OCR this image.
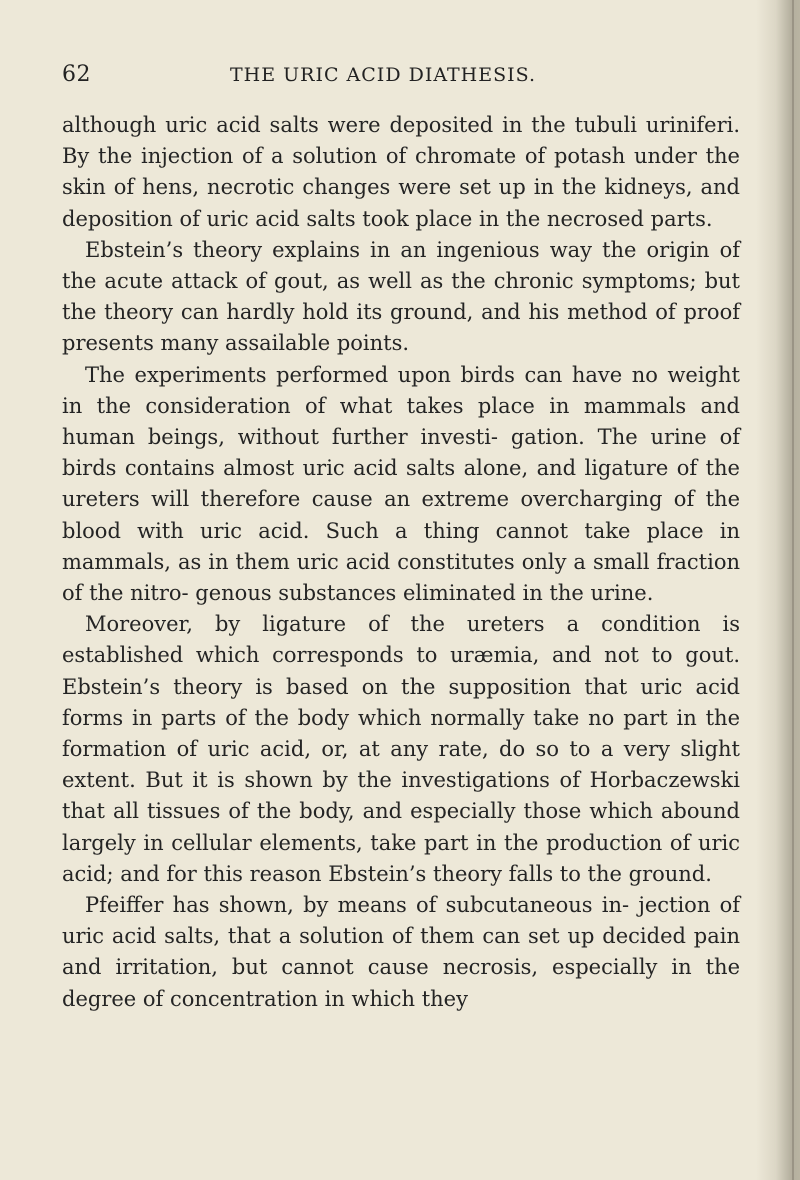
62	THE URIC ACID DIATHESIS.

although uric acid salts were deposited in the tubuli uriniferi. By the injection of a solution of chromate of potash under the skin of hens, necrotic changes were set up in the kidneys, and deposition of uric acid salts took place in the necrosed parts.

Ebstein’s theory explains in an ingenious way the origin of the acute attack of gout, as well as the chronic symptoms; but the theory can hardly hold its ground, and his method of proof presents many assailable points.

The experiments performed upon birds can have no weight in the consideration of what takes place in mammals and human beings, without further investi- gation. The urine of birds contains almost uric acid salts alone, and ligature of the ureters will therefore cause an extreme overcharging of the blood with uric acid. Such a thing cannot take place in mammals, as in them uric acid constitutes only a small fraction of the nitro- genous substances eliminated in the urine.

Moreover, by ligature of the ureters a condition is established which corresponds to uræmia, and not to gout. Ebstein’s theory is based on the supposition that uric acid forms in parts of the body which normally take no part in the formation of uric acid, or, at any rate, do so to a very slight extent. But it is shown by the investigations of Horbaczewski that all tissues of the body, and especially those which abound largely in cellular elements, take part in the production of uric acid; and for this reason Ebstein’s theory falls to the ground.

Pfeiffer has shown, by means of subcutaneous in- jection of uric acid salts, that a solution of them can set up decided pain and irritation, but cannot cause necrosis, especially in the degree of concentration in which they
